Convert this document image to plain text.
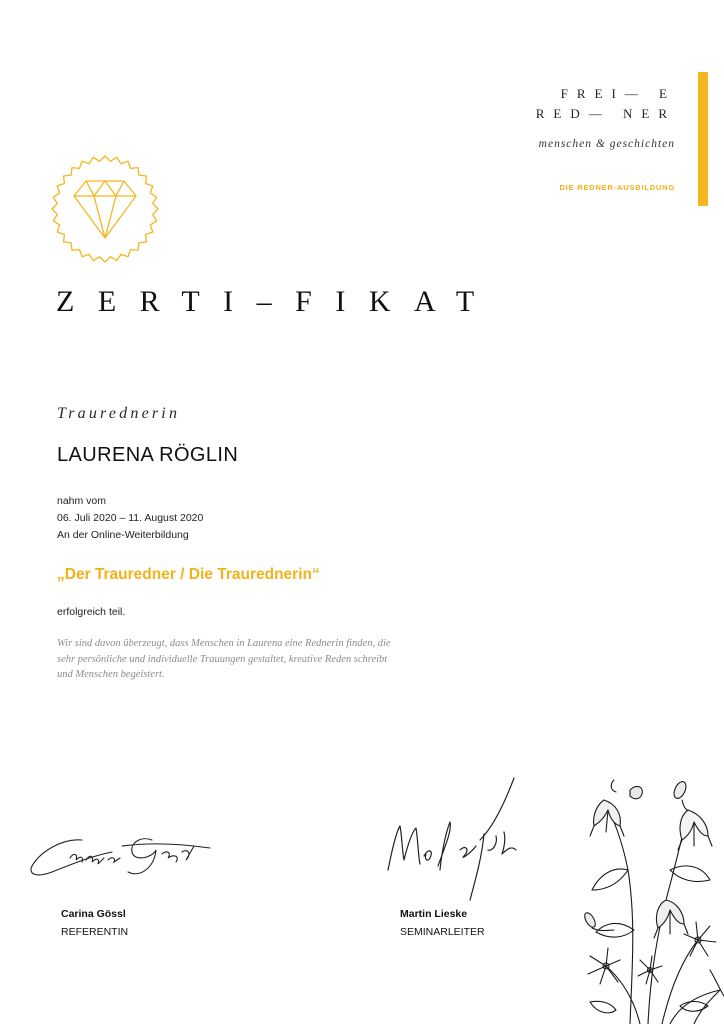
FREI— E
RED— NER
menschen & geschichten
DIE REDNER-AUSBILDUNG
ZERTI–FIKAT
Traurednerin
LAURENA RÖGLIN
nahm vom
06. Juli 2020 – 11. August 2020
An der Online-Weiterbildung
„Der Trauredner / Die Traurednerin“
erfolgreich teil.
Wir sind davon überzeugt, dass Menschen in Laurena eine Rednerin finden, die sehr persönliche und individuelle Trauungen gestaltet, kreative Reden schreibt und Menschen begeistert.
Carina Gössl
REFERENTIN
Martin Lieske
SEMINARLEITER
